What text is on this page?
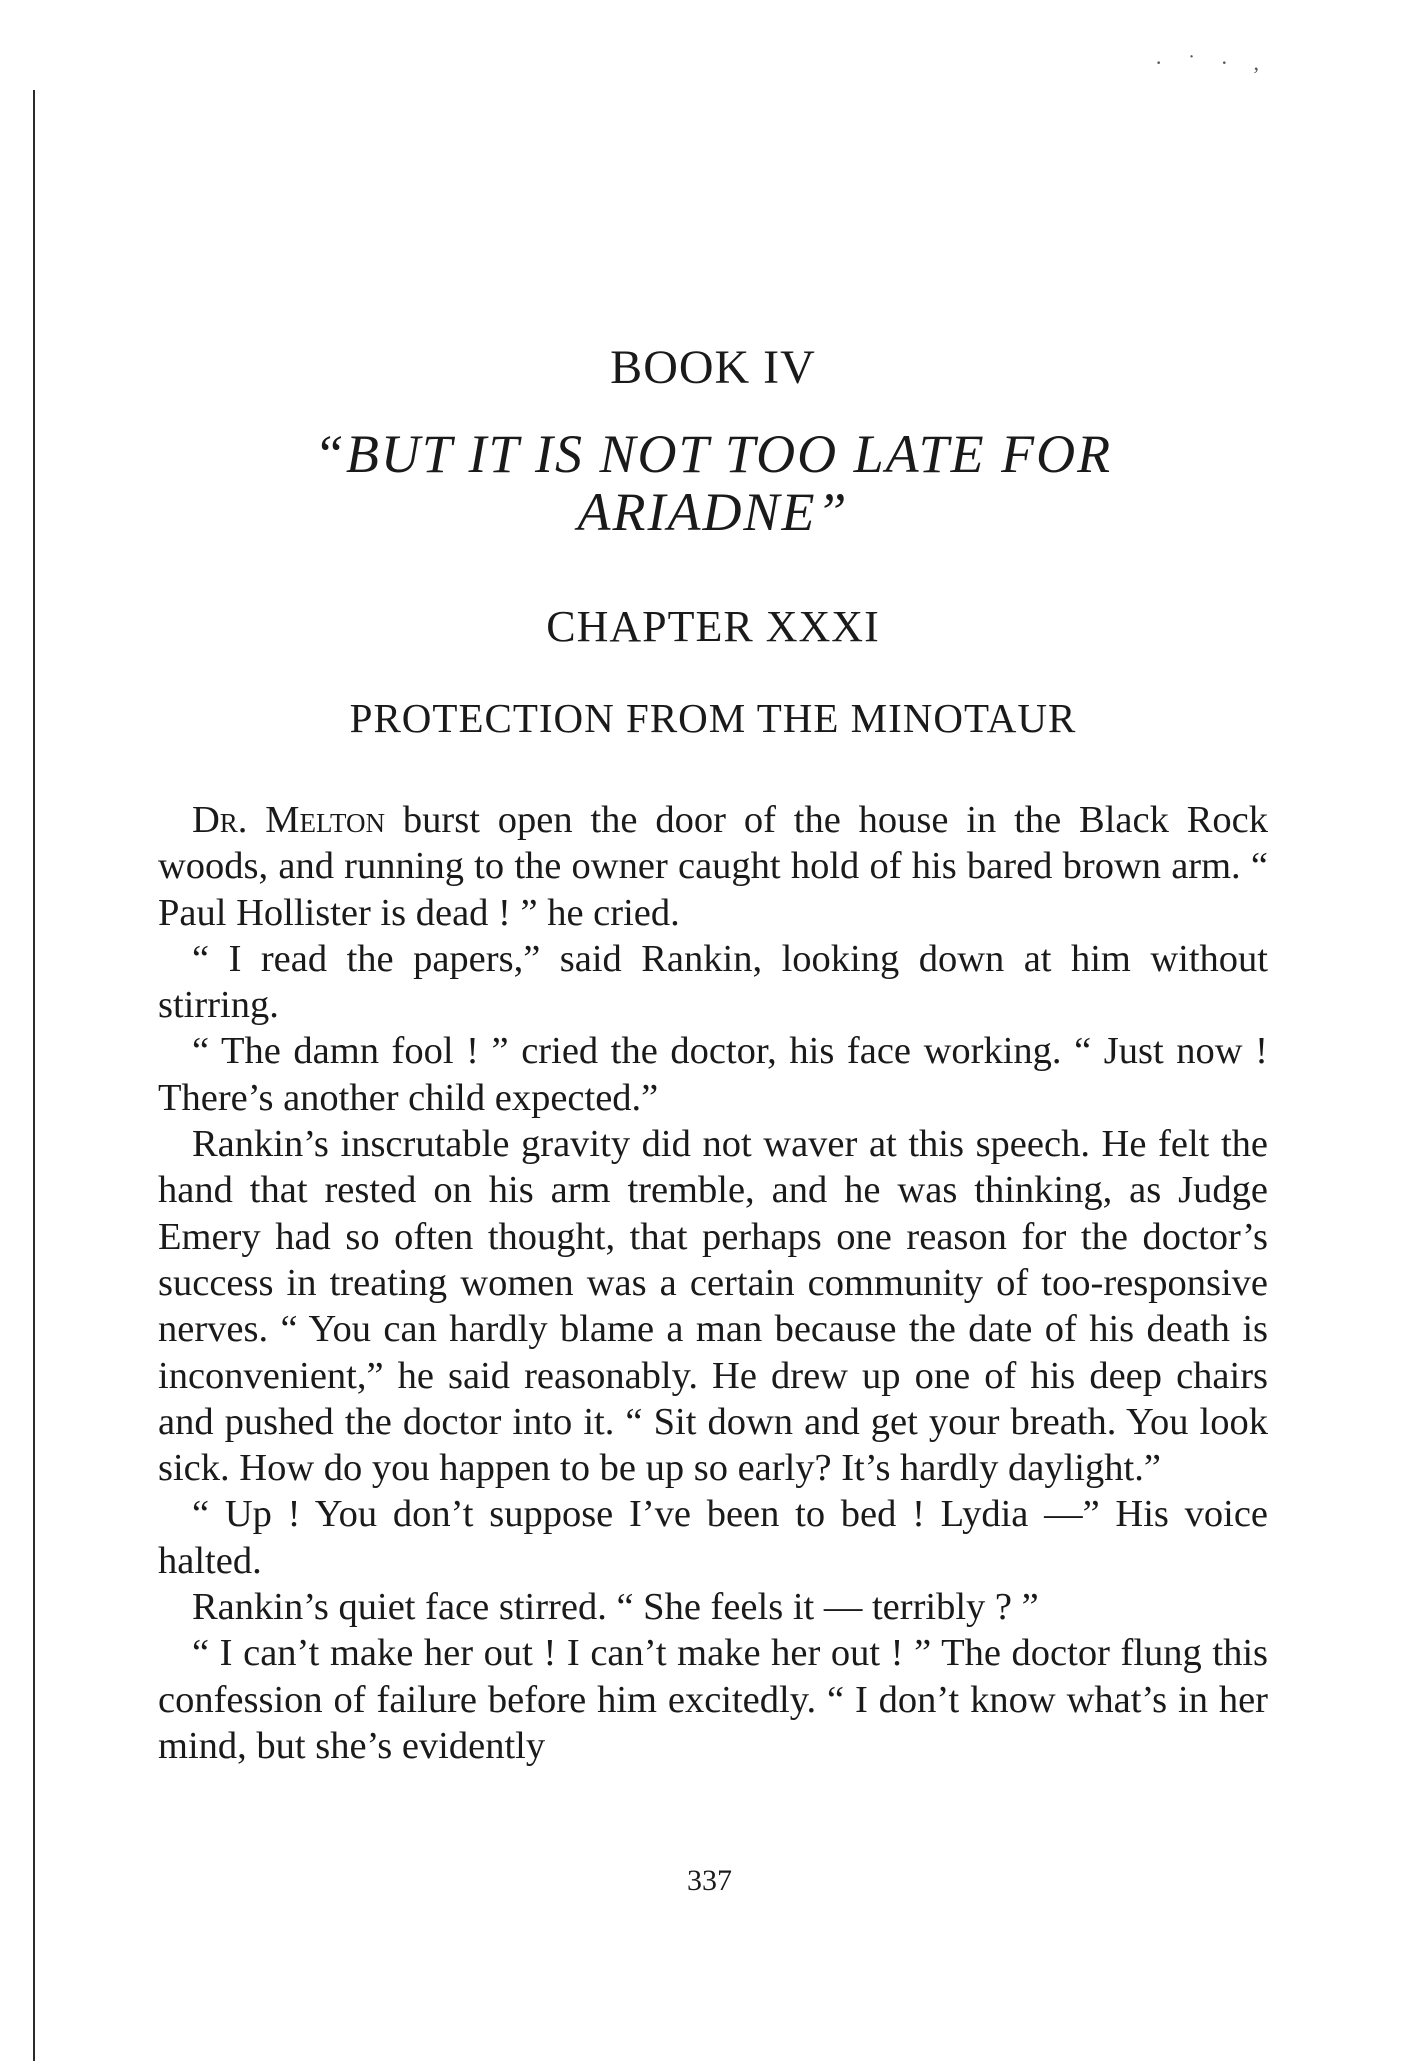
· ˙ · ,
BOOK IV
“BUT IT IS NOT TOO LATE FOR
ARIADNE”
CHAPTER XXXI
PROTECTION FROM THE MINOTAUR

Dr. Melton burst open the door of the house in the Black Rock woods, and running to the owner caught hold of his bared brown arm. “ Paul Hollister is dead ! ” he cried.

“ I read the papers,” said Rankin, looking down at him without stirring.

“ The damn fool ! ” cried the doctor, his face working. “ Just now ! There’s another child expected.”

Rankin’s inscrutable gravity did not waver at this speech. He felt the hand that rested on his arm tremble, and he was thinking, as Judge Emery had so often thought, that perhaps one reason for the doctor’s success in treating women was a certain community of too-responsive nerves. “ You can hardly blame a man because the date of his death is inconvenient,” he said reasonably. He drew up one of his deep chairs and pushed the doctor into it. “ Sit down and get your breath. You look sick. How do you happen to be up so early? It’s hardly daylight.”

“ Up ! You don’t suppose I’ve been to bed ! Lydia —” His voice halted.

Rankin’s quiet face stirred. “ She feels it — terribly ? ”

“ I can’t make her out ! I can’t make her out ! ” The doctor flung this confession of failure before him excitedly. “ I don’t know what’s in her mind, but she’s evidently

337
